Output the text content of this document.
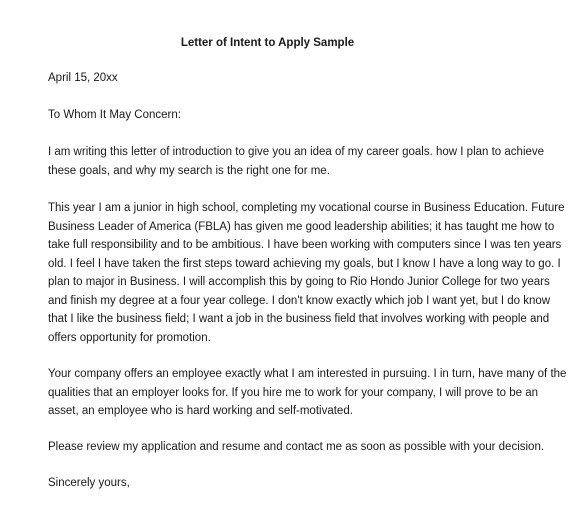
Letter of Intent to Apply Sample
April 15, 20xx
To Whom It May Concern:
I am writing this letter of introduction to give you an idea of my career goals. how I plan to achieve
these goals, and why my search is the right one for me.
This year I am a junior in high school, completing my vocational course in Business Education. Future
Business Leader of America (FBLA) has given me good leadership abilities; it has taught me how to
take full responsibility and to be ambitious. I have been working with computers since I was ten years
old. I feel I have taken the first steps toward achieving my goals, but I know I have a long way to go. I
plan to major in Business. I will accomplish this by going to Rio Hondo Junior College for two years
and finish my degree at a four year college. I don't know exactly which job I want yet, but I do know
that I like the business field; I want a job in the business field that involves working with people and
offers opportunity for promotion.
Your company offers an employee exactly what I am interested in pursuing. I in turn, have many of the
qualities that an employer looks for. If you hire me to work for your company, I will prove to be an
asset, an employee who is hard working and self-motivated.
Please review my application and resume and contact me as soon as possible with your decision.
Sincerely yours,
